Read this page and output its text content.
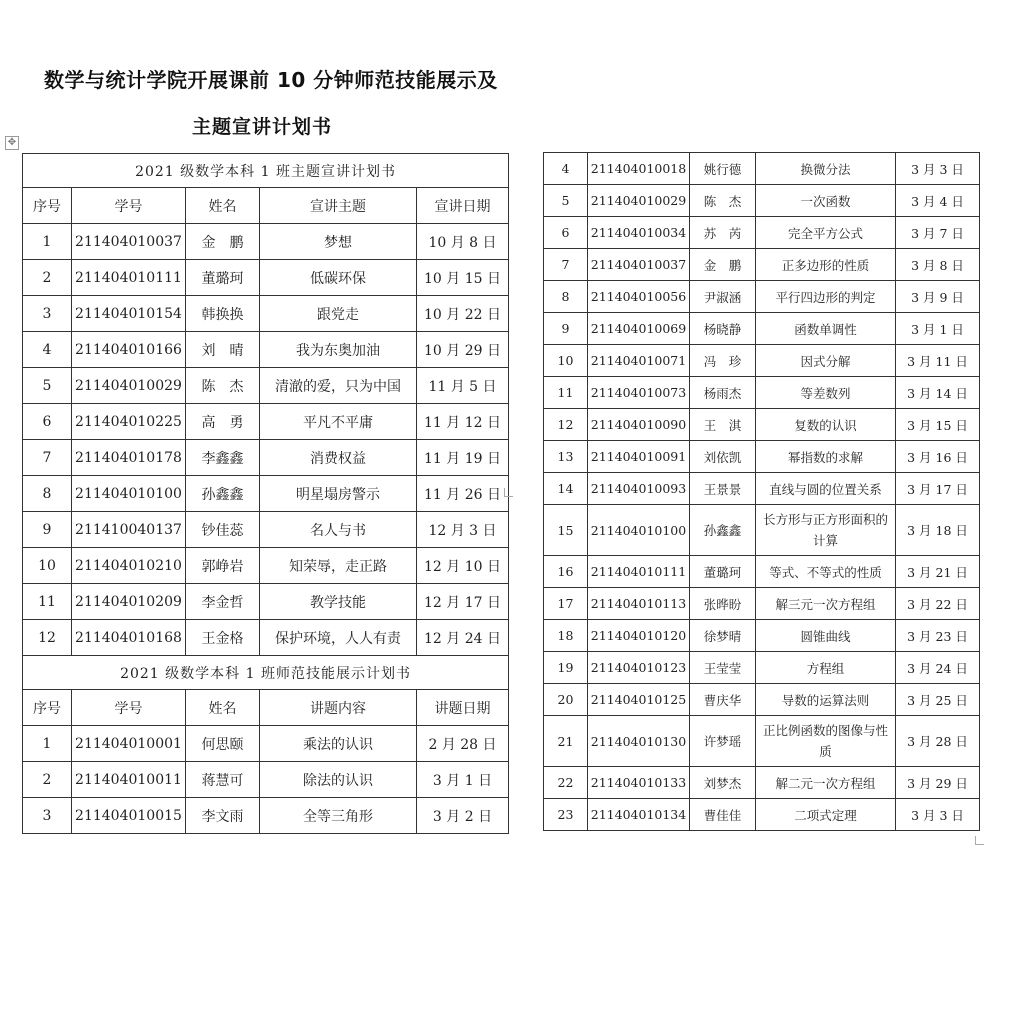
数学与统计学院开展课前 10 分钟师范技能展示及
主题宣讲计划书
✥
2021 级数学本科 1 班主题宣讲计划书				
序号	学号	姓名	宣讲主题	宣讲日期
1	211404010037	金　鹏	梦想	10 月 8 日
2	211404010111	董璐珂	低碳环保	10 月 15 日
3	211404010154	韩换换	跟党走	10 月 22 日
4	211404010166	刘　晴	我为东奥加油	10 月 29 日
5	211404010029	陈　杰	清澈的爱，只为中国	11 月 5 日
6	211404010225	高　勇	平凡不平庸	11 月 12 日
7	211404010178	李鑫鑫	消费权益	11 月 19 日
8	211404010100	孙鑫鑫	明星塌房警示	11 月 26 日
9	211410040137	钞佳蕊	名人与书	12 月 3 日
10	211404010210	郭峥岩	知荣辱，走正路	12 月 10 日
11	211404010209	李金哲	教学技能	12 月 17 日
12	211404010168	王金格	保护环境，人人有责	12 月 24 日
2021 级数学本科 1 班师范技能展示计划书				
序号	学号	姓名	讲题内容	讲题日期
1	211404010001	何思颐	乘法的认识	2 月 28 日
2	211404010011	蒋慧可	除法的认识	3 月 1 日
3	211404010015	李文雨	全等三角形	3 月 2 日
4	211404010018	姚行德	换微分法	3 月 3 日
5	211404010029	陈　杰	一次函数	3 月 4 日
6	211404010034	苏　芮	完全平方公式	3 月 7 日
7	211404010037	金　鹏	正多边形的性质	3 月 8 日
8	211404010056	尹淑涵	平行四边形的判定	3 月 9 日
9	211404010069	杨晓静	函数单调性	3 月 1 日
10	211404010071	冯　珍	因式分解	3 月 11 日
11	211404010073	杨雨杰	等差数列	3 月 14 日
12	211404010090	王　淇	复数的认识	3 月 15 日
13	211404010091	刘依凯	幂指数的求解	3 月 16 日
14	211404010093	王景景	直线与圆的位置关系	3 月 17 日
15	211404010100	孙鑫鑫	长方形与正方形面积的计算	3 月 18 日
16	211404010111	董璐珂	等式、不等式的性质	3 月 21 日
17	211404010113	张晔盼	解三元一次方程组	3 月 22 日
18	211404010120	徐梦晴	圆锥曲线	3 月 23 日
19	211404010123	王莹莹	方程组	3 月 24 日
20	211404010125	曹庆华	导数的运算法则	3 月 25 日
21	211404010130	许梦瑶	正比例函数的图像与性质	3 月 28 日
22	211404010133	刘梦杰	解二元一次方程组	3 月 29 日
23	211404010134	曹佳佳	二项式定理	3 月 3 日
